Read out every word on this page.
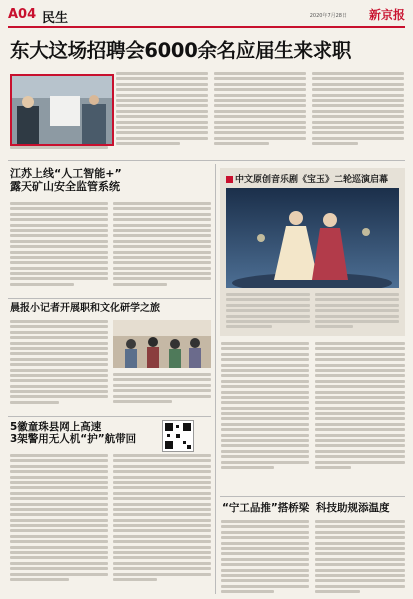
A04 民生	2020年7月28日 新京报
东大这场招聘会6000余名应届生来求职
江苏上线“人工智能+”
露天矿山安全监管系统
晨报小记者开展职和文化研学之旅
5徽童珠县网上高速
3架警用无人机“护”航带回
中文原创音乐剧《宝玉》二轮巡演启幕
“宁工品推”搭桥梁 科技助规添温度
